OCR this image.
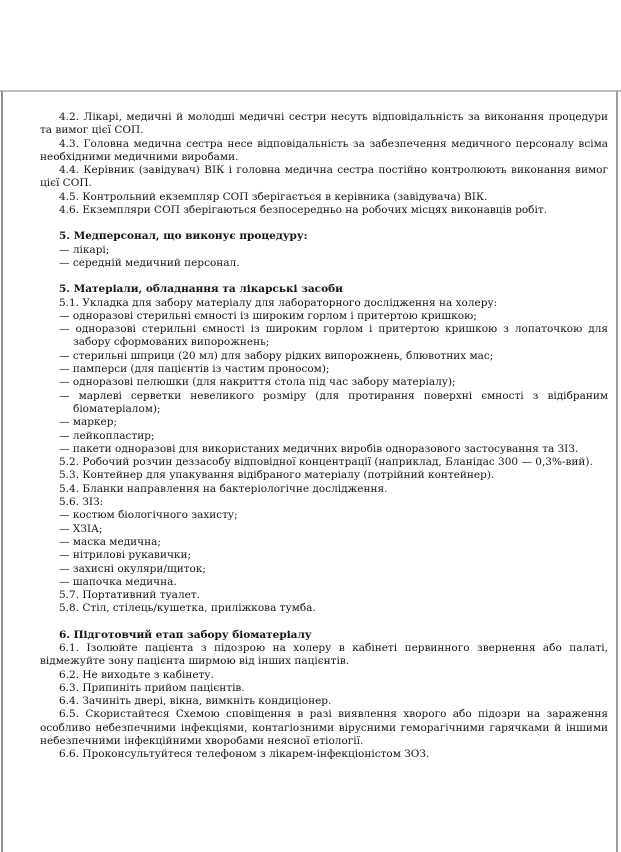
4.2. Лікарі, медичні й молодші медичні сестри несуть відповідальність за виконання процедури та вимог цієї СОП.
4.3. Головна медична сестра несе відповідальність за забезпечення медичного персоналу всіма необхідними медичними виробами.
4.4. Керівник (завідувач) ВІК і головна медична сестра постійно контролюють виконання вимог цієї СОП.
4.5. Контрольний екземпляр СОП зберігається в керівника (завідувача) ВІК.
4.6. Екземпляри СОП зберігаються безпосередньо на робочих місцях виконавців робіт.
5. Медперсонал, що виконує процедуру:
— лікарі;
— середній медичний персонал.
5. Матеріали, обладнання та лікарські засоби
5.1. Укладка для забору матеріалу для лабораторного дослідження на холеру:
— одноразові стерильні ємності із широким горлом і притертою кришкою;
— одноразові стерильні ємності із широким горлом і притертою кришкою з лопаточкою для забору сформованих випорожнень;
— стерильні шприци (20 мл) для забору рідких випорожнень, блювотних мас;
— памперси (для пацієнтів із частим проносом);
— одноразові пелюшки (для накриття стола під час забору матеріалу);
— марлеві серветки невеликого розміру (для протирання поверхні ємності з відібраним біоматеріалом);
— маркер;
— лейкопластир;
— пакети одноразові для використаних медичних виробів одноразового застосування та ЗІЗ.
5.2. Робочий розчин деззасобу відповідної концентрації (наприклад, Бланідас 300 — 0,3%-вий).
5.3. Контейнер для упакування відібраного матеріалу (потрійний контейнер).
5.4. Бланки направлення на бактеріологічне дослідження.
5.6. ЗІЗ:
— костюм біологічного захисту;
— ХЗІА;
— маска медична;
— нітрилові рукавички;
— захисні окуляри/щиток;
— шапочка медична.
5.7. Портативний туалет.
5.8. Стіл, стілець/кушетка, приліжкова тумба.
6. Підготовчий етап забору біоматеріалу
6.1. Ізолюйте пацієнта з підозрою на холеру в кабінеті первинного звернення або палаті, відмежуйте зону пацієнта ширмою від інших пацієнтів.
6.2. Не виходьте з кабінету.
6.3. Припиніть прийом пацієнтів.
6.4. Зачиніть двері, вікна, вимкніть кондиціонер.
6.5. Скористайтеся Схемою сповіщення в разі виявлення хворого або підозри на зараження особливо небезпечними інфекціями, контагіозними вірусними геморагічними гарячками й іншими небезпечними інфекційними хворобами неясної етіології.
6.6. Проконсультуйтеся телефоном з лікарем-інфекціоністом ЗОЗ.
